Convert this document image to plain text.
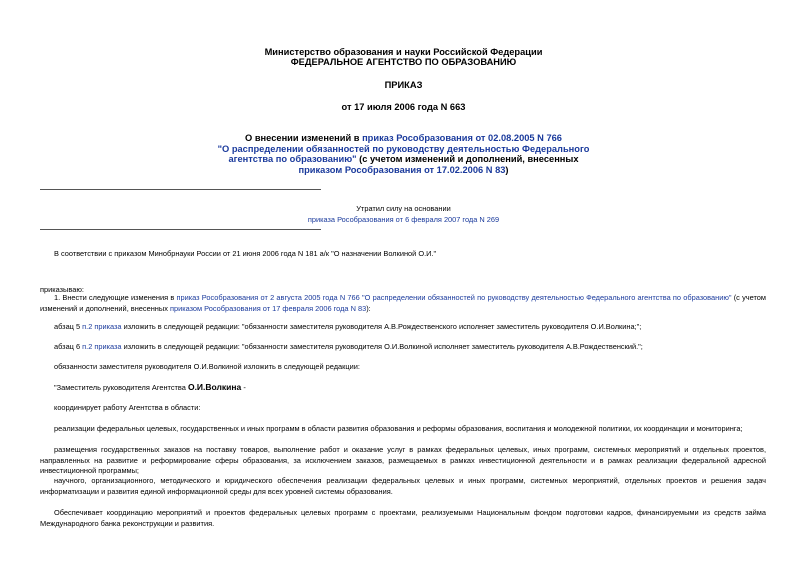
Министерство образования и науки Российской Федерации
ФЕДЕРАЛЬНОЕ АГЕНТСТВО ПО ОБРАЗОВАНИЮ
ПРИКАЗ
от 17 июля 2006 года N 663
О внесении изменений в приказ Рособразования от 02.08.2005 N 766
"О распределении обязанностей по руководству деятельностью Федерального
агентства по образованию" (с учетом изменений и дополнений, внесенных
приказом Рособразования от 17.02.2006 N 83)
Утратил силу на основании
приказа Рособразования от 6 февраля 2007 года N 269
В соответствии с приказом Минобрнауки России от 21 июня 2006 года N 181 а/к "О назначении Волкиной О.И."
приказываю:
1. Внести следующие изменения в приказ Рособразования от 2 августа 2005 года N 766 "О распределении обязанностей по руководству деятельностью Федерального агентства по образованию" (с учетом изменений и дополнений, внесенных приказом Рособразования от 17 февраля 2006 года N 83):
абзац 5 п.2 приказа изложить в следующей редакции: "обязанности заместителя руководителя А.В.Рождественского исполняет заместитель руководителя О.И.Волкина;";
абзац 6 п.2 приказа изложить в следующей редакции: "обязанности заместителя руководителя О.И.Волкиной исполняет заместитель руководителя А.В.Рождественский.";
обязанности заместителя руководителя О.И.Волкиной изложить в следующей редакции:
"Заместитель руководителя Агентства О.И.Волкина -
координирует работу Агентства в области:
реализации федеральных целевых, государственных и иных программ в области развития образования и реформы образования, воспитания и молодежной политики, их координации и мониторинга;
размещения государственных заказов на поставку товаров, выполнение работ и оказание услуг в рамках федеральных целевых, иных программ, системных мероприятий и отдельных проектов, направленных на развитие и реформирование сферы образования, за исключением заказов, размещаемых в рамках инвестиционной деятельности и в рамках реализации федеральной адресной инвестиционной программы;
научного, организационного, методического и юридического обеспечения реализации федеральных целевых и иных программ, системных мероприятий, отдельных проектов и решения задач информатизации и развития единой информационной среды для всех уровней системы образования.
Обеспечивает координацию мероприятий и проектов федеральных целевых программ с проектами, реализуемыми Национальным фондом подготовки кадров, финансируемыми из средств займа Международного банка реконструкции и развития.
